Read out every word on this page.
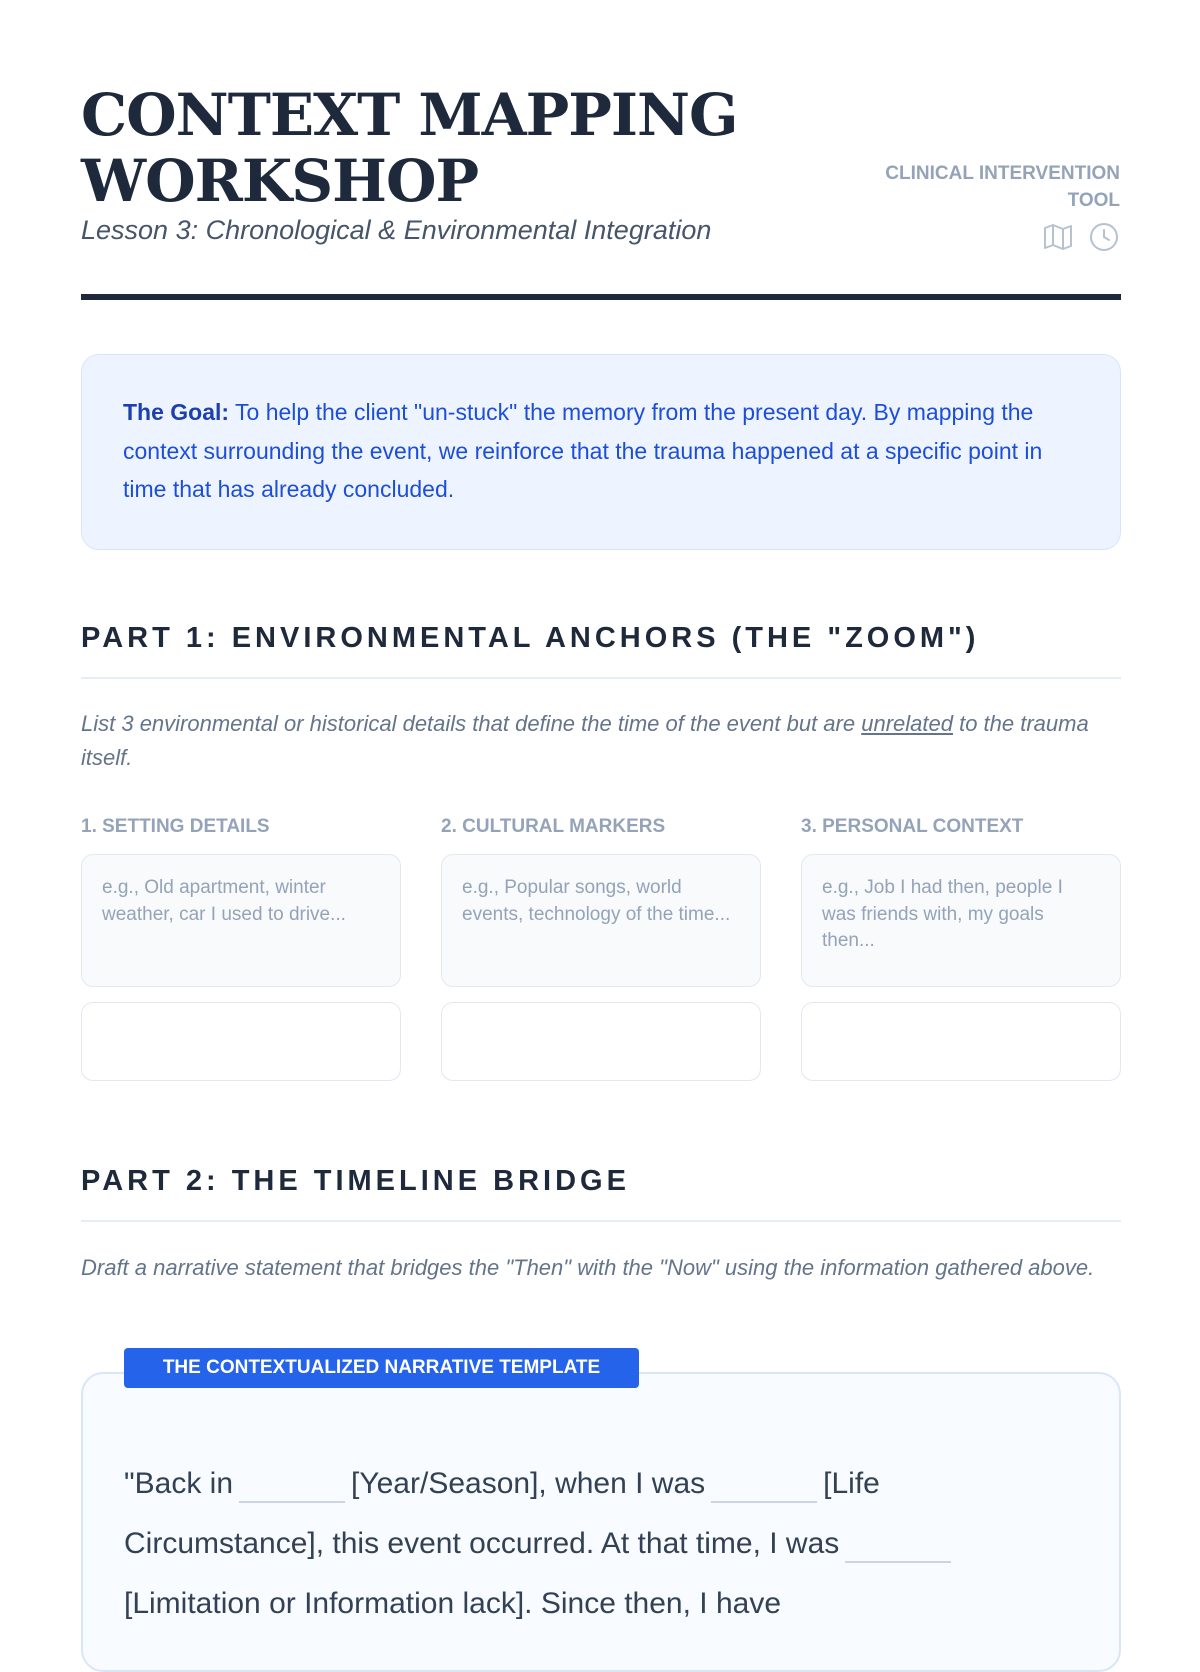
CONTEXT MAPPING WORKSHOP

Lesson 3: Chronological & Environmental Integration

CLINICAL INTERVENTION TOOL

The Goal: To help the client "un-stuck" the memory from the present day. By mapping the context surrounding the event, we reinforce that the trauma happened at a specific point in time that has already concluded.
PART 1: ENVIRONMENTAL ANCHORS (THE "ZOOM")

List 3 environmental or historical details that define the time of the event but are unrelated to the trauma itself.

1. SETTING DETAILS

e.g., Old apartment, winter weather, car I used to drive...

2. CULTURAL MARKERS

e.g., Popular songs, world events, technology of the time...

3. PERSONAL CONTEXT

e.g., Job I had then, people I was friends with, my goals then...
PART 2: THE TIMELINE BRIDGE

Draft a narrative statement that bridges the "Then" with the "Now" using the information gathered above.

THE CONTEXTUALIZED NARRATIVE TEMPLATE

"Back in	[Year/Season], when I was	[Life Circumstance], this event occurred. At that time, I was[Limitation or Information lack]. Since then, I have
